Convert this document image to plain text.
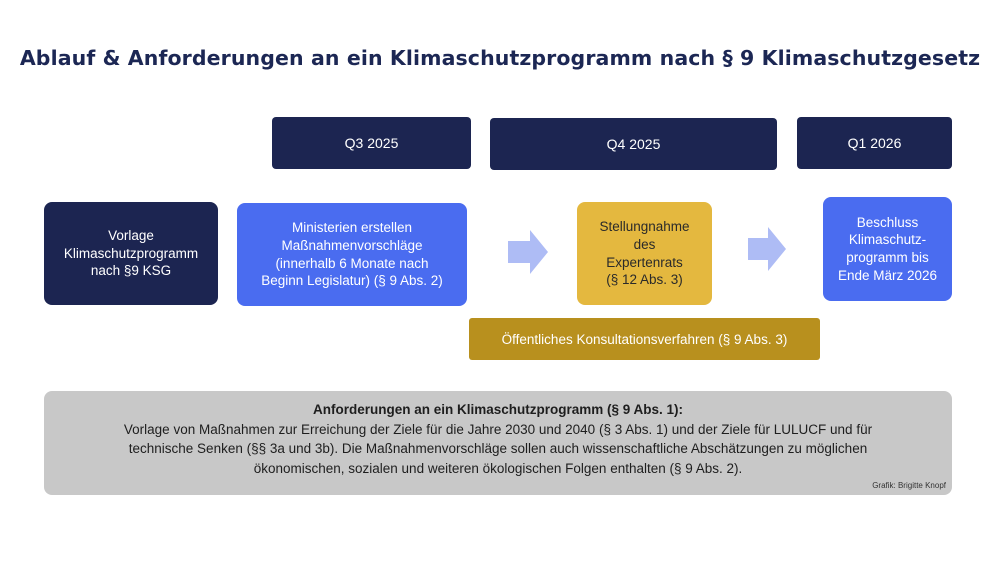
Ablauf & Anforderungen an ein Klimaschutzprogramm nach § 9 Klimaschutzgesetz
Q3 2025	Q4 2025	Q1 2026
Vorlage
Klimaschutzprogramm
nach §9 KSG
Ministerien erstellen
Maßnahmenvorschläge
(innerhalb 6 Monate nach
Beginn Legislatur) (§ 9 Abs. 2)
Stellungnahme
des
Expertenrats
(§ 12 Abs. 3)
Beschluss
Klimaschutz-
programm bis
Ende März 2026
Öffentliches Konsultationsverfahren (§ 9 Abs. 3)
Anforderungen an ein Klimaschutzprogramm (§ 9 Abs. 1):
Vorlage von Maßnahmen zur Erreichung der Ziele für die Jahre 2030 und 2040 (§ 3 Abs. 1) und der Ziele für LULUCF und für
technische Senken (§§ 3a und 3b). Die Maßnahmenvorschläge sollen auch wissenschaftliche Abschätzungen zu möglichen
ökonomischen, sozialen und weiteren ökologischen Folgen enthalten (§ 9 Abs. 2).
Grafik: Brigitte Knopf
